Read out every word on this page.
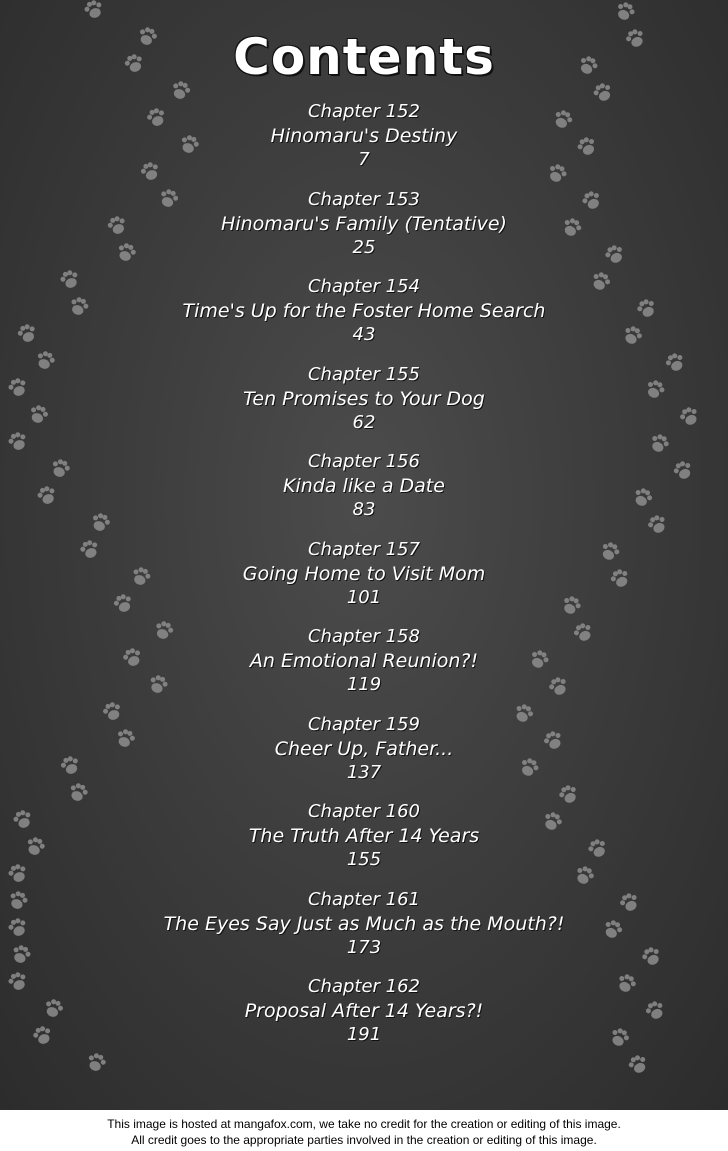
Contents
Chapter 152
Hinomaru's Destiny
7
Chapter 153
Hinomaru's Family (Tentative)
25
Chapter 154
Time's Up for the Foster Home Search
43
Chapter 155
Ten Promises to Your Dog
62
Chapter 156
Kinda like a Date
83
Chapter 157
Going Home to Visit Mom
101
Chapter 158
An Emotional Reunion?!
119
Chapter 159
Cheer Up, Father...
137
Chapter 160
The Truth After 14 Years
155
Chapter 161
The Eyes Say Just as Much as the Mouth?!
173
Chapter 162
Proposal After 14 Years?!
191
This image is hosted at mangafox.com, we take no credit for the creation or editing of this image.
All credit goes to the appropriate parties involved in the creation or editing of this image.
